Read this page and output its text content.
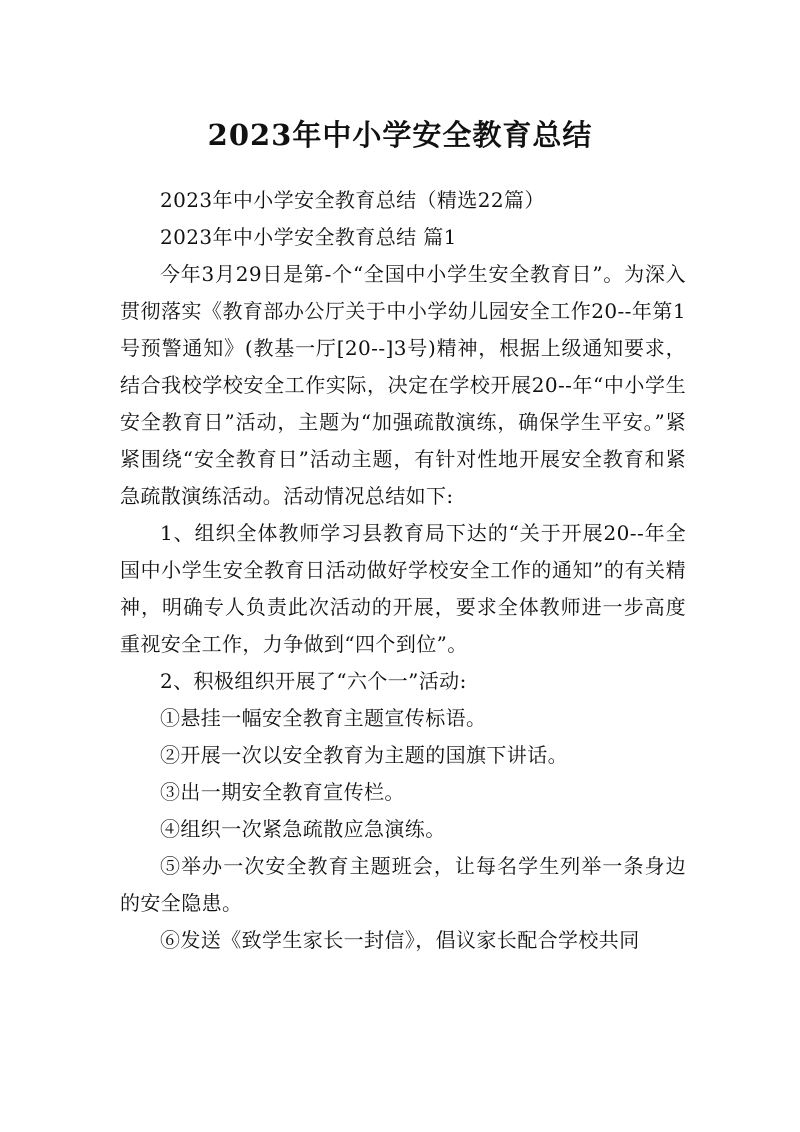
2023年中小学安全教育总结

2023年中小学安全教育总结（精选22篇）

2023年中小学安全教育总结 篇1

今年3月29日是第-个“全国中小学生安全教育日”。为深入贯彻落实《教育部办公厅关于中小学幼儿园安全工作20--年第1号预警通知》(教基一厅[20--]3号)精神，根据上级通知要求，结合我校学校安全工作实际，决定在学校开展20--年“中小学生安全教育日”活动，主题为“加强疏散演练，确保学生平安。”紧紧围绕“安全教育日”活动主题，有针对性地开展安全教育和紧急疏散演练活动。活动情况总结如下:

1、组织全体教师学习县教育局下达的“关于开展20--年全国中小学生安全教育日活动做好学校安全工作的通知”的有关精神，明确专人负责此次活动的开展，要求全体教师进一步高度重视安全工作，力争做到“四个到位”。

2、积极组织开展了“六个一”活动:

①悬挂一幅安全教育主题宣传标语。

②开展一次以安全教育为主题的国旗下讲话。

③出一期安全教育宣传栏。

④组织一次紧急疏散应急演练。

⑤举办一次安全教育主题班会，让每名学生列举一条身边的安全隐患。

⑥发送《致学生家长一封信》，倡议家长配合学校共同
